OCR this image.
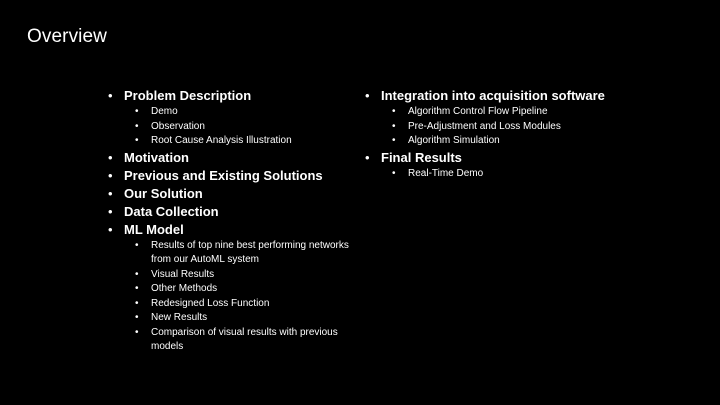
Overview
• Problem Description
• Demo
• Observation
• Root Cause Analysis Illustration
• Motivation
• Previous and Existing Solutions
• Our Solution
• Data Collection
• ML Model
• Results of top nine best performing networks from our AutoML system
• Visual Results
• Other Methods
• Redesigned Loss Function
• New Results
• Comparison of visual results with previous models
• Integration into acquisition software
• Algorithm Control Flow Pipeline
• Pre-Adjustment and Loss Modules
• Algorithm Simulation
• Final Results
• Real-Time Demo
